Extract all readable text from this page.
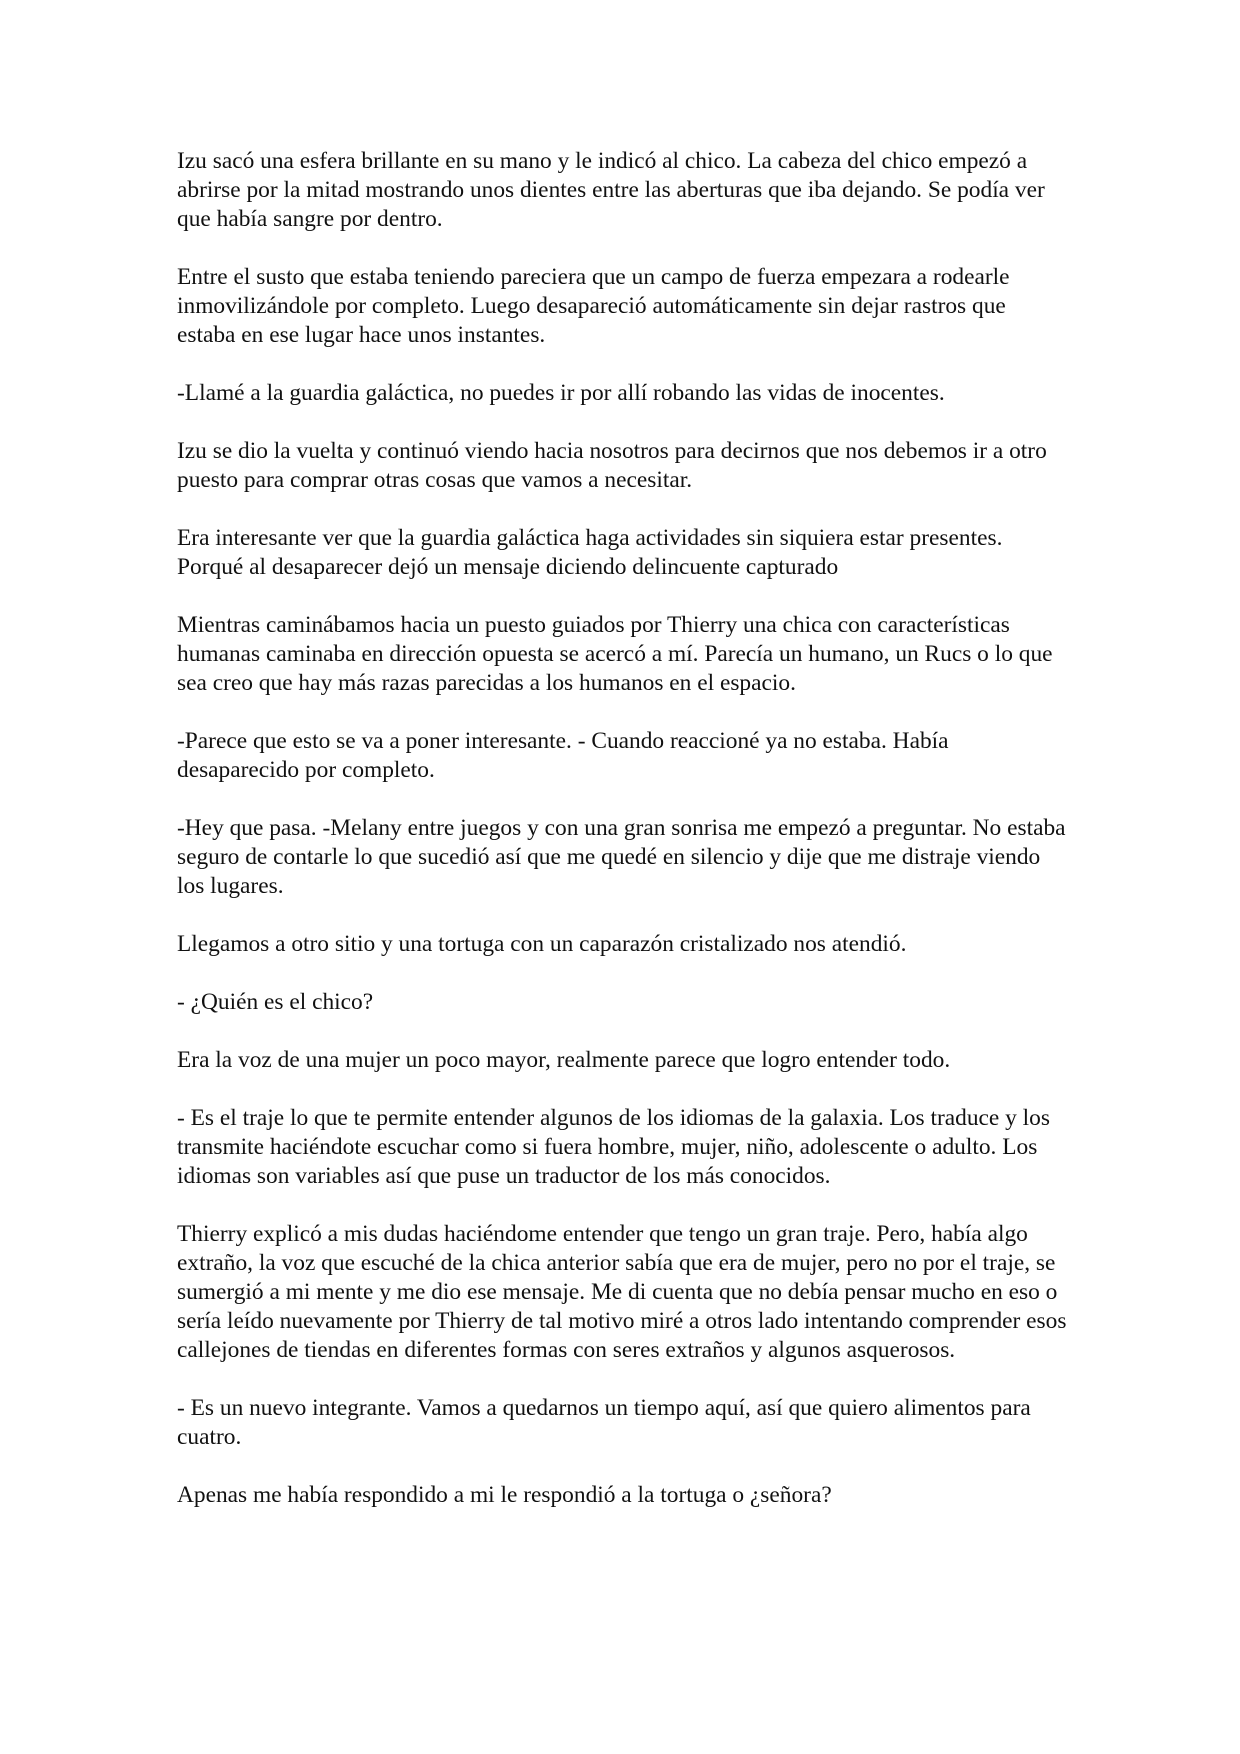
Izu sacó una esfera brillante en su mano y le indicó al chico. La cabeza del chico empezó a abrirse por la mitad mostrando unos dientes entre las aberturas que iba dejando. Se podía ver que había sangre por dentro.

Entre el susto que estaba teniendo pareciera que un campo de fuerza empezara a rodearle inmovilizándole por completo. Luego desapareció automáticamente sin dejar rastros que estaba en ese lugar hace unos instantes.

-Llamé a la guardia galáctica, no puedes ir por allí robando las vidas de inocentes.

Izu se dio la vuelta y continuó viendo hacia nosotros para decirnos que nos debemos ir a otro puesto para comprar otras cosas que vamos a necesitar.

Era interesante ver que la guardia galáctica haga actividades sin siquiera estar presentes. Porqué al desaparecer dejó un mensaje diciendo delincuente capturado

Mientras caminábamos hacia un puesto guiados por Thierry una chica con características humanas caminaba en dirección opuesta se acercó a mí. Parecía un humano, un Rucs o lo que sea creo que hay más razas parecidas a los humanos en el espacio.

-Parece que esto se va a poner interesante. - Cuando reaccioné ya no estaba. Había desaparecido por completo.

-Hey que pasa. -Melany entre juegos y con una gran sonrisa me empezó a preguntar. No estaba seguro de contarle lo que sucedió así que me quedé en silencio y dije que me distraje viendo los lugares.

Llegamos a otro sitio y una tortuga con un caparazón cristalizado nos atendió.

- ¿Quién es el chico?

Era la voz de una mujer un poco mayor, realmente parece que logro entender todo.

- Es el traje lo que te permite entender algunos de los idiomas de la galaxia. Los traduce y los transmite haciéndote escuchar como si fuera hombre, mujer, niño, adolescente o adulto. Los idiomas son variables así que puse un traductor de los más conocidos.

Thierry explicó a mis dudas haciéndome entender que tengo un gran traje. Pero, había algo extraño, la voz que escuché de la chica anterior sabía que era de mujer, pero no por el traje, se sumergió a mi mente y me dio ese mensaje. Me di cuenta que no debía pensar mucho en eso o sería leído nuevamente por Thierry de tal motivo miré a otros lado intentando comprender esos callejones de tiendas en diferentes formas con seres extraños y algunos asquerosos.

- Es un nuevo integrante. Vamos a quedarnos un tiempo aquí, así que quiero alimentos para cuatro.

Apenas me había respondido a mi le respondió a la tortuga o ¿señora?
